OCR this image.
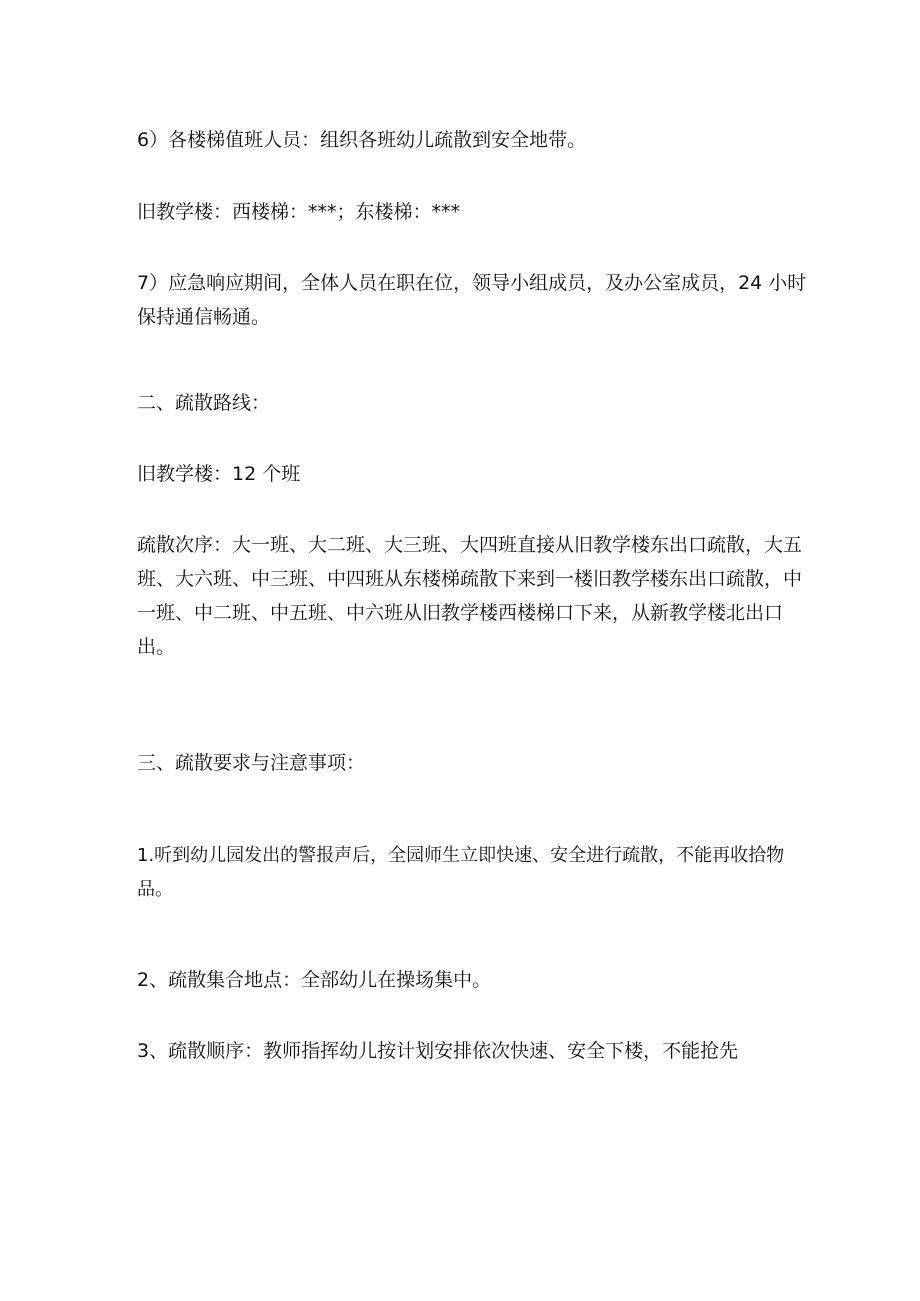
6）各楼梯值班人员：组织各班幼儿疏散到安全地带。

旧教学楼：西楼梯：***；东楼梯：***

7）应急响应期间，全体人员在职在位，领导小组成员，及办公室成员，24 小时保持通信畅通。

二、疏散路线：

旧教学楼：12 个班

疏散次序：大一班、大二班、大三班、大四班直接从旧教学楼东出口疏散，大五班、大六班、中三班、中四班从东楼梯疏散下来到一楼旧教学楼东出口疏散，中一班、中二班、中五班、中六班从旧教学楼西楼梯口下来，从新教学楼北出口出。

三、疏散要求与注意事项：

1.听到幼儿园发出的警报声后，全园师生立即快速、安全进行疏散，不能再收拾物品。

2、疏散集合地点：全部幼儿在操场集中。

3、疏散顺序：教师指挥幼儿按计划安排依次快速、安全下楼，不能抢先
